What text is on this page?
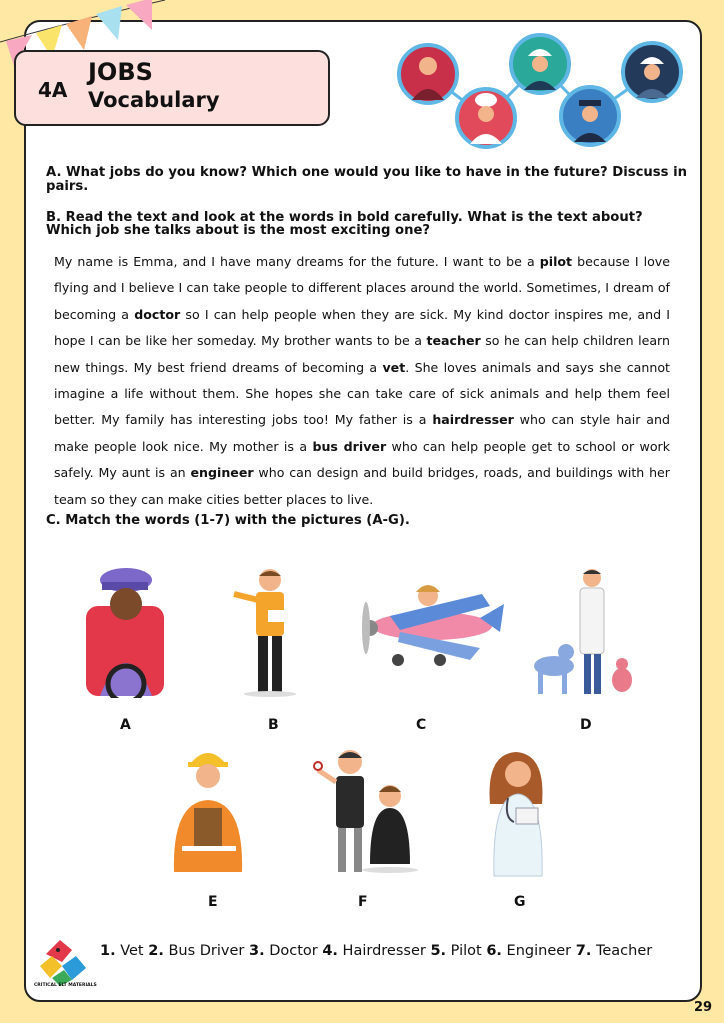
4A
JOBS
Vocabulary
A. What jobs do you know? Which one would you like to have in the future? Discuss in pairs.
B. Read the text and look at the words in bold carefully. What is the text about?
Which job she talks about is the most exciting one?

My name is Emma, and I have many dreams for the future. I want to be a pilot because I love flying and I believe I can take people to different places around the world. Sometimes, I dream of becoming a doctor so I can help people when they are sick. My kind doctor inspires me, and I hope I can be like her someday. My brother wants to be a teacher so he can help children learn new things. My best friend dreams of becoming a vet. She loves animals and says she cannot imagine a life without them. She hopes she can take care of sick animals and help them feel better. My family has interesting jobs too! My father is a hairdresser who can style hair and make people look nice. My mother is a bus driver who can help people get to school or work safely. My aunt is an engineer who can design and build bridges, roads, and buildings with her team so they can make cities better places to live.

C. Match the words (1-7) with the pictures (A-G).
A	B	C	D
E	F	G
CRITICAL ELT MATERIALS
1. Vet 2. Bus Driver 3. Doctor 4. Hairdresser 5. Pilot 6. Engineer 7. Teacher
29
